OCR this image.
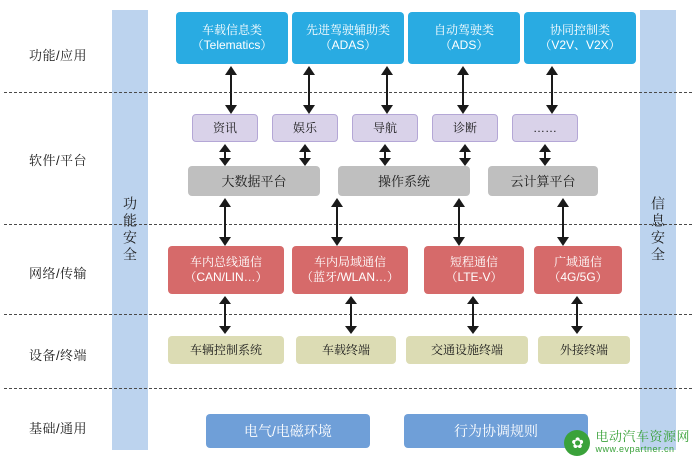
功能安全	信息安全
功能/应用
软件/平台
网络/传输
设备/终端
基础/通用
车载信息类
（Telematics）
先进驾驶辅助类
（ADAS）
自动驾驶类
（ADS）
协同控制类
（V2V、V2X）
资讯	娱乐	导航	诊断	……
大数据平台	操作系统	云计算平台
车内总线通信
（CAN/LIN…）
车内局域通信
（蓝牙/WLAN…）
短程通信
（LTE-V）
广域通信
（4G/5G）
车辆控制系统	车载终端	交通设施终端	外接终端
电气/电磁环境	行为协调规则
✿ 电动汽车资源网
www.evpartner.cn
